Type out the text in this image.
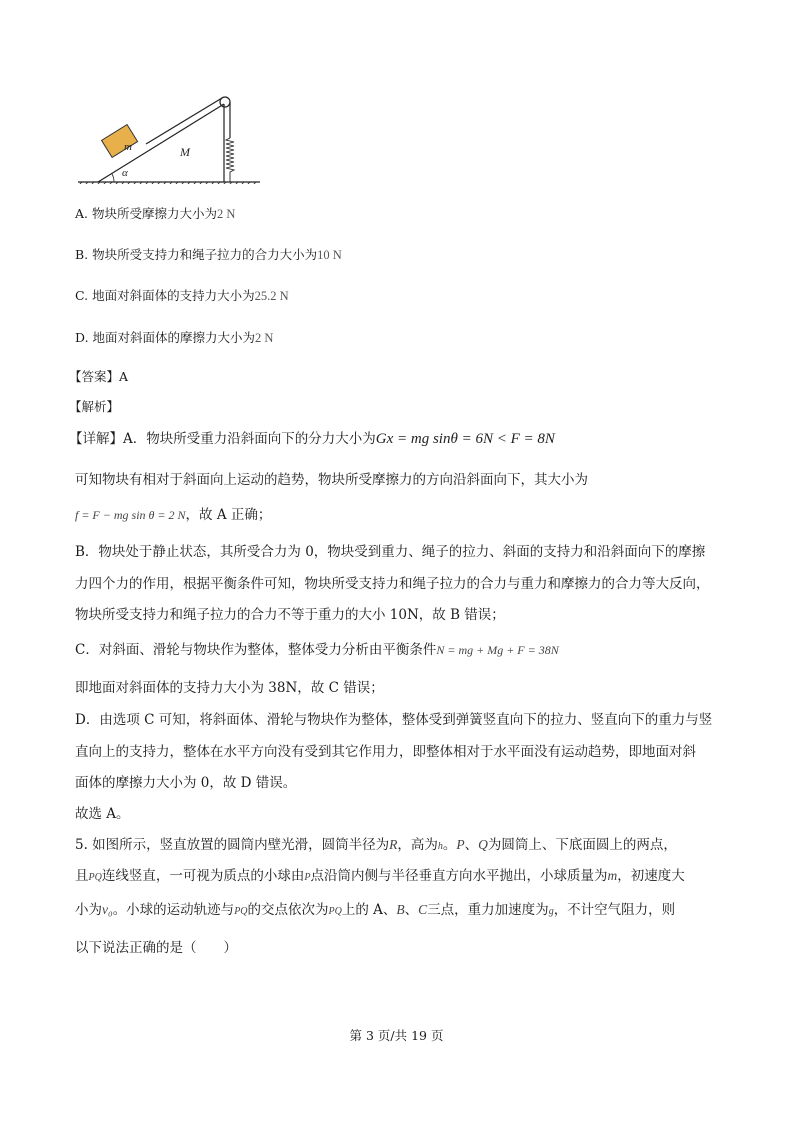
m	M
α
A. 物块所受摩擦力大小为2 N
B. 物块所受支持力和绳子拉力的合力大小为10 N
C. 地面对斜面体的支持力大小为25.2 N
D. 地面对斜面体的摩擦力大小为2 N
【答案】A
【解析】
【详解】A．物块所受重力沿斜面向下的分力大小为Gx = mg sinθ = 6N < F = 8N
可知物块有相对于斜面向上运动的趋势，物块所受摩擦力的方向沿斜面向下，其大小为
f = F − mg sin θ = 2 N，故 A 正确；
B．物块处于静止状态，其所受合力为 0，物块受到重力、绳子的拉力、斜面的支持力和沿斜面向下的摩擦
力四个力的作用，根据平衡条件可知，物块所受支持力和绳子拉力的合力与重力和摩擦力的合力等大反向，
物块所受支持力和绳子拉力的合力不等于重力的大小 10N，故 B 错误；
C．对斜面、滑轮与物块作为整体，整体受力分析由平衡条件N = mg + Mg + F = 38N
即地面对斜面体的支持力大小为 38N，故 C 错误；
D．由选项 C 可知，将斜面体、滑轮与物块作为整体，整体受到弹簧竖直向下的拉力、竖直向下的重力与竖
直向上的支持力，整体在水平方向没有受到其它作用力，即整体相对于水平面没有运动趋势，即地面对斜
面体的摩擦力大小为 0，故 D 错误。
故选 A。
5. 如图所示，竖直放置的圆筒内壁光滑，圆筒半径为R，高为h。P、Q为圆筒上、下底面圆上的两点，
且PQ连线竖直，一可视为质点的小球由P点沿筒内侧与半径垂直方向水平抛出，小球质量为m，初速度大
小为v₀。小球的运动轨迹与PQ的交点依次为PQ上的 A、B、C三点，重力加速度为g，不计空气阻力，则
以下说法正确的是（　　）
第 3 页/共 19 页
